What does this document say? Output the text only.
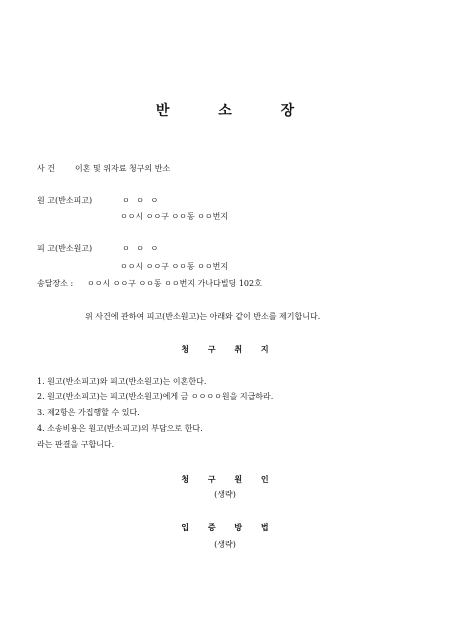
반 소 장
사 건	이혼 및 위자료 청구의 반소
원 고(반소피고)	ㅇ ㅇ ㅇ
ㅇㅇ시 ㅇㅇ구 ㅇㅇ동 ㅇㅇ번지
피 고(반소원고)	ㅇ ㅇ ㅇ
ㅇㅇ시 ㅇㅇ구 ㅇㅇ동 ㅇㅇ번지
송달장소 : ㅇㅇ시 ㅇㅇ구 ㅇㅇ동 ㅇㅇ번지 가나다빌딩 102호
위 사건에 관하여 피고(반소원고)는 아래와 같이 반소를 제기합니다.
청 구 취 지
1. 원고(반소피고)와 피고(반소원고)는 이혼한다.
2. 원고(반소피고)는 피고(반소원고)에게 금 ㅇㅇㅇㅇ원을 지급하라.
3. 제2항은 가집행할 수 있다.
4. 소송비용은 원고(반소피고)의 부담으로 한다.
라는 판결을 구합니다.
청 구 원 인
(생략)
입 증 방 법
(생략)
